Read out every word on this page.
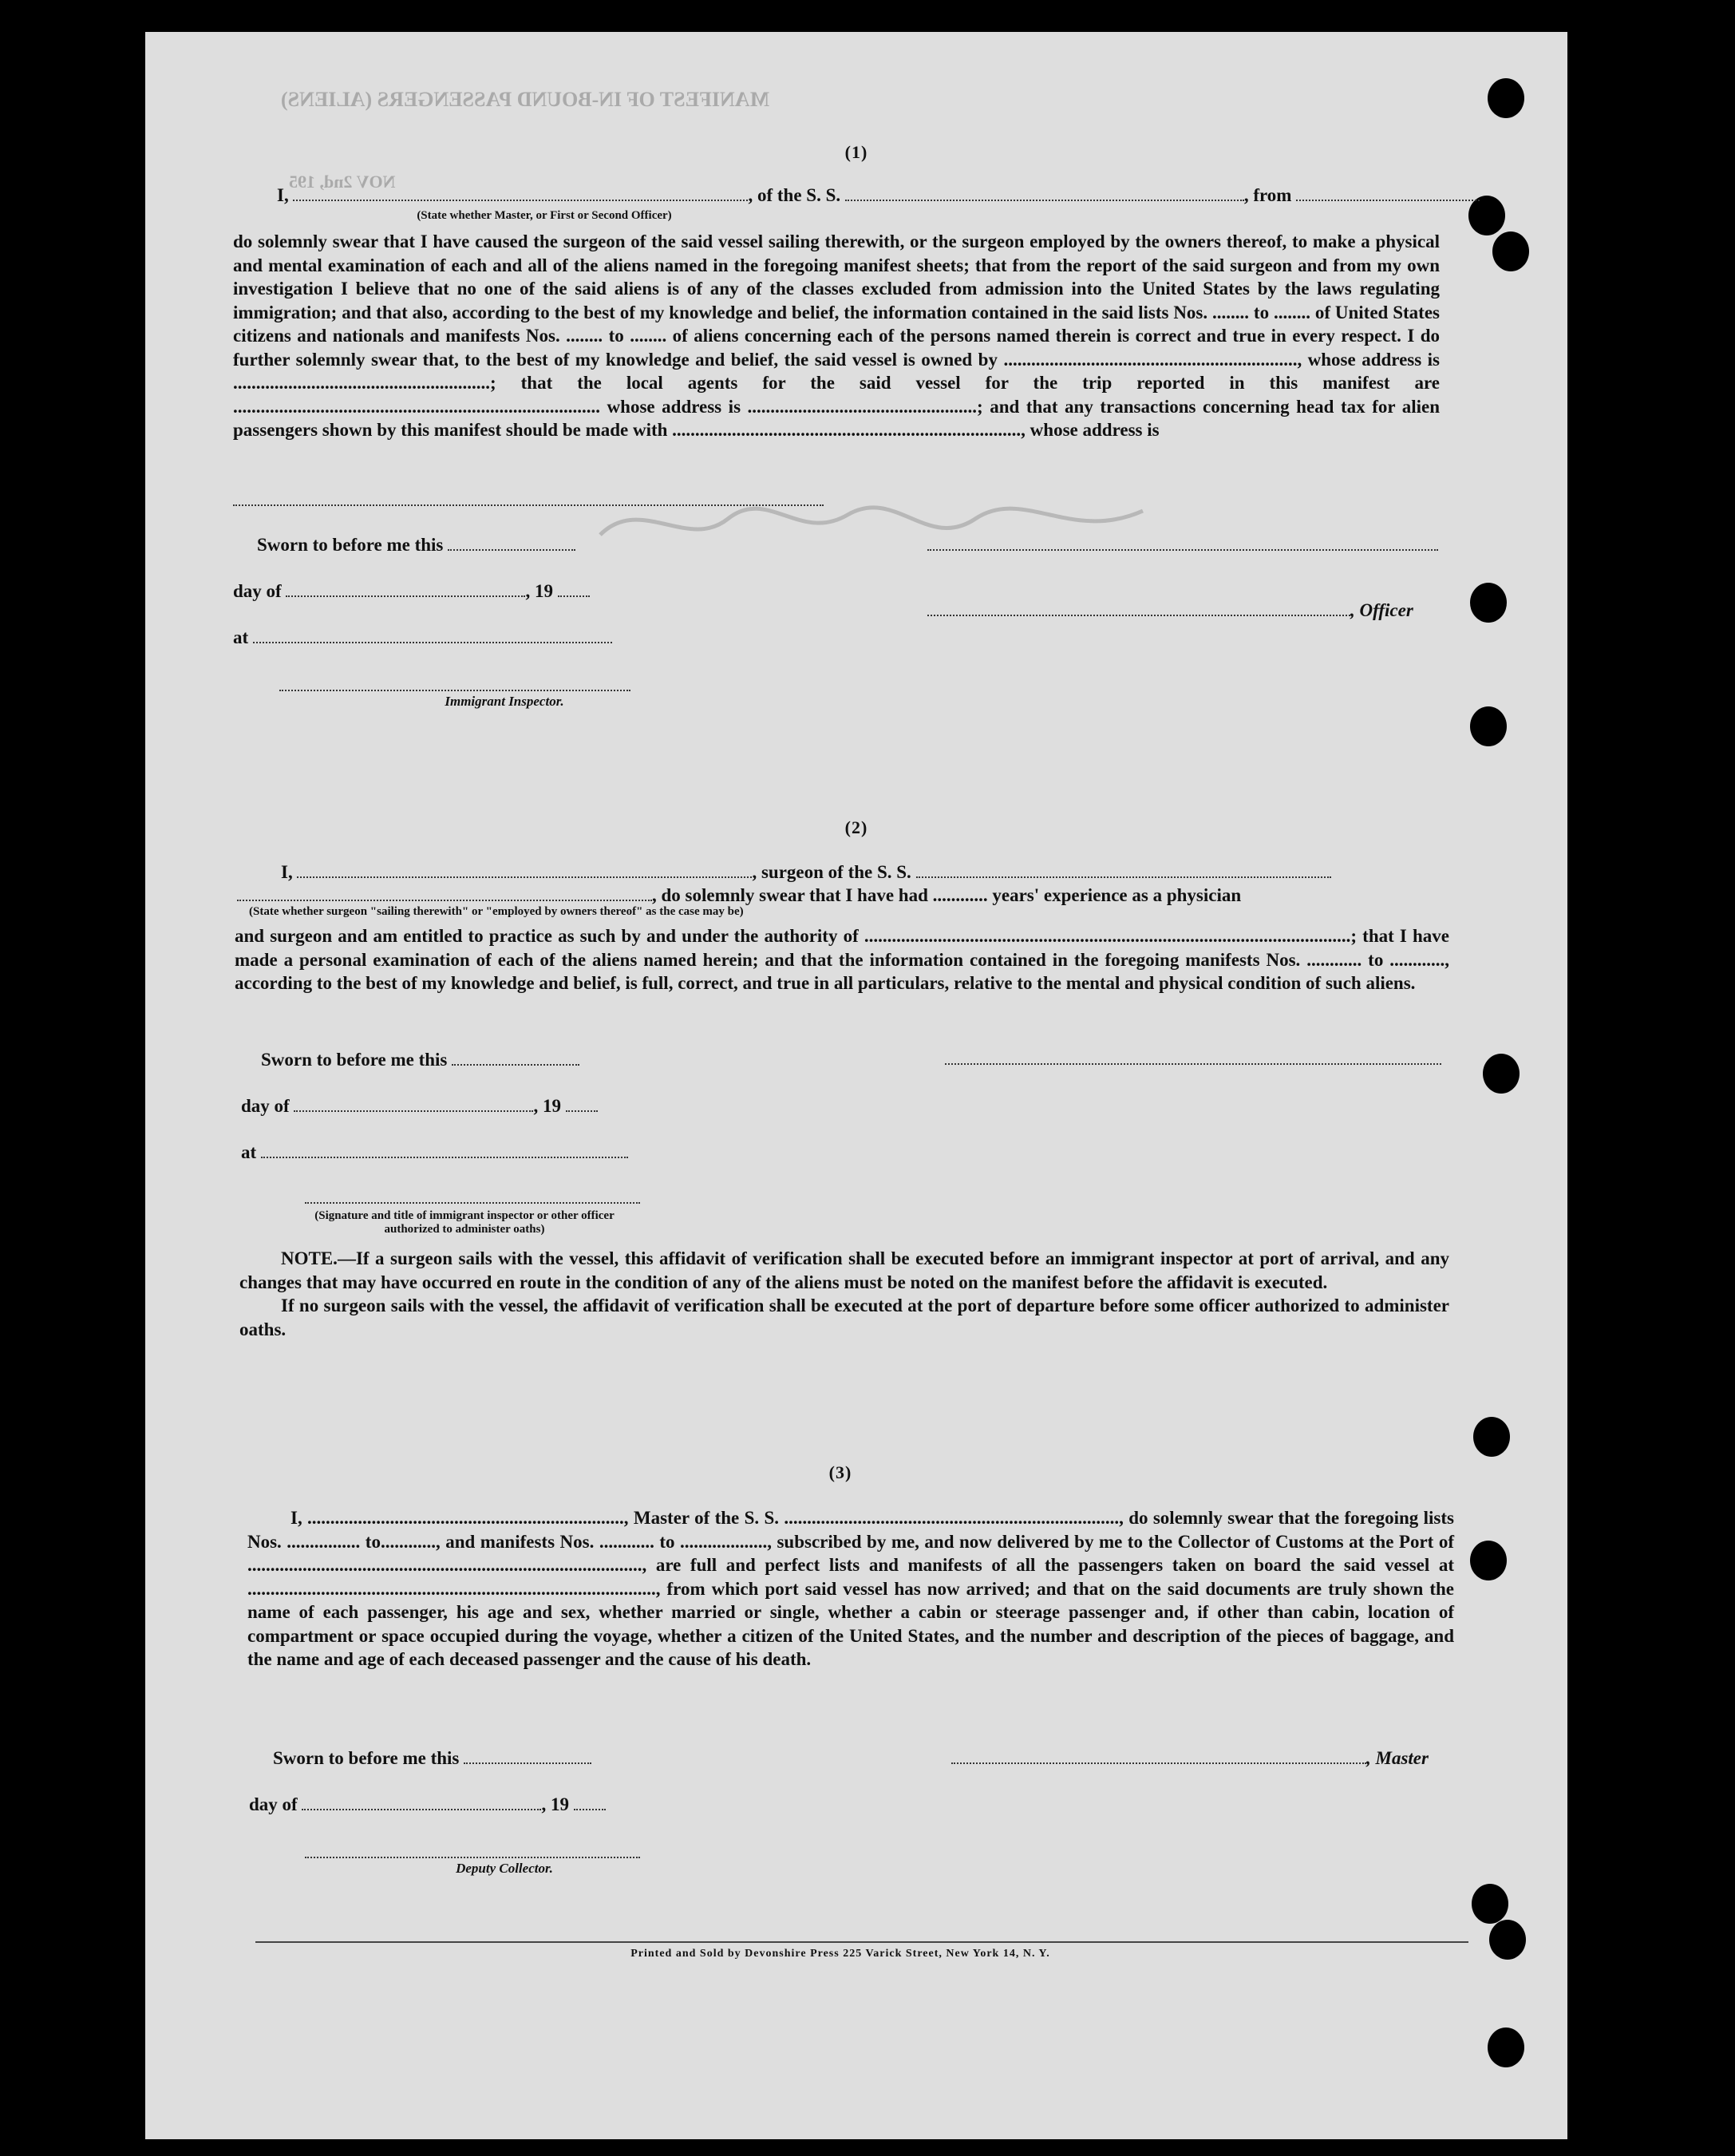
MANIFEST OF IN-BOUND PASSENGERS (ALIENS)
NOV 2nd, 195
(1)
I,	, of the S. S.	, from
(State whether Master, or First or Second Officer)

do solemnly swear that I have caused the surgeon of the said vessel sailing therewith, or the surgeon employed by the owners thereof, to make a physical and mental examination of each and all of the aliens named in the foregoing manifest sheets; that from the report of the said surgeon and from my own investigation I believe that no one of the said aliens is of any of the classes excluded from admission into the United States by the laws regulating immigration; and that also, according to the best of my knowledge and belief, the information contained in the said lists Nos. ........ to ........ of United States citizens and nationals and manifests Nos. ........ to ........ of aliens concerning each of the persons named therein is correct and true in every respect. I do further solemnly swear that, to the best of my knowledge and belief, the said vessel is owned by ................................................................, whose address is ........................................................; that the local agents for the said vessel for the trip reported in this manifest are ................................................................................ whose address is ..................................................; and that any transactions concerning head tax for alien passengers shown by this manifest should be made with ............................................................................, whose address is

Sworn to before me this
day of	, 19
, Officer
at
Immigrant Inspector.
(2)
I,	, surgeon of the S. S.
, do solemnly swear that I have had ............ years' experience as a physician
(State whether surgeon "sailing therewith" or "employed by owners thereof" as the case may be)

and surgeon and am entitled to practice as such by and under the authority of ..........................................................................................................; that I have made a personal examination of each of the aliens named herein; and that the information contained in the foregoing manifests Nos. ............ to ............, according to the best of my knowledge and belief, is full, correct, and true in all particulars, relative to the mental and physical condition of such aliens.

Sworn to before me this
day of	, 19
at
(Signature and title of immigrant inspector or other officer authorized to administer oaths)

NOTE.—If a surgeon sails with the vessel, this affidavit of verification shall be executed before an immigrant inspector at port of arrival, and any changes that may have occurred en route in the condition of any of the aliens must be noted on the manifest before the affidavit is executed.

If no surgeon sails with the vessel, the affidavit of verification shall be executed at the port of departure before some officer authorized to administer oaths.

(3)

I, ....................................................................., Master of the S. S. ........................................................................., do solemnly swear that the foregoing lists Nos. ................ to............, and manifests Nos. ............ to ..................., subscribed by me, and now delivered by me to the Collector of Customs at the Port of ......................................................................................, are full and perfect lists and manifests of all the passengers taken on board the said vessel at ........................................................................................., from which port said vessel has now arrived; and that on the said documents are truly shown the name of each passenger, his age and sex, whether married or single, whether a cabin or steerage passenger and, if other than cabin, location of compartment or space occupied during the voyage, whether a citizen of the United States, and the number and description of the pieces of baggage, and the name and age of each deceased passenger and the cause of his death.

Sworn to before me this	, Master
day of	, 19
Deputy Collector.
Printed and Sold by Devonshire Press 225 Varick Street, New York 14, N. Y.
